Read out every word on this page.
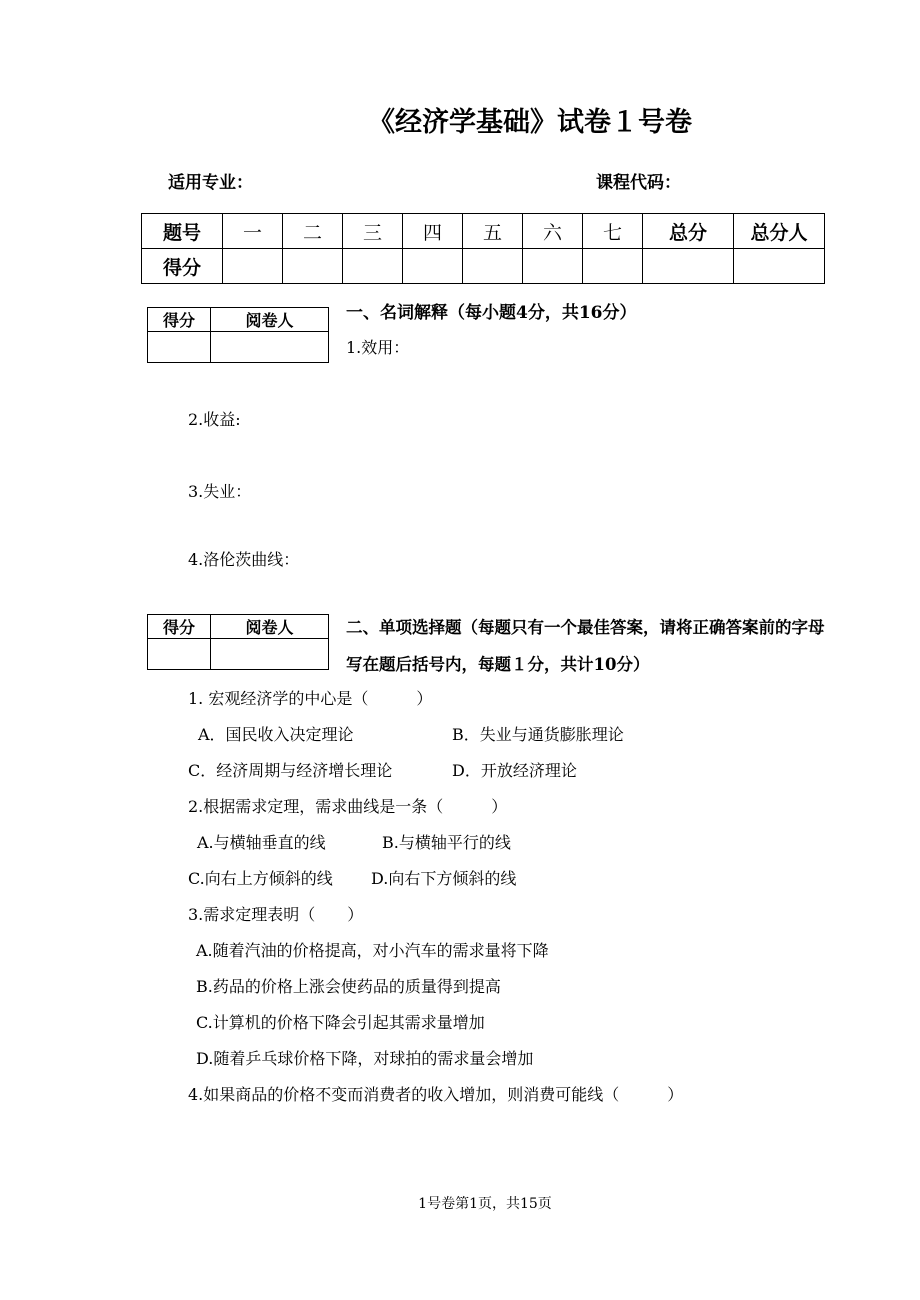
《经济学基础》试卷１号卷
适用专业：	课程代码：
题号	一	二	三	四	五	六	七	总分	总分人
得分									
得分	阅卷人
		一、名词解释（每小题4分，共16分）
1.效用：
2.收益:
3.失业：
4.洛伦茨曲线：
得分	阅卷人
		二、单项选择题（每题只有一个最佳答案，请将正确答案前的字母
写在题后括号内，每题１分，共计10分）
1. 宏观经济学的中心是（　　　）
A．国民收入决定理论	B．失业与通货膨胀理论
C．经济周期与经济增长理论	D．开放经济理论
2.根据需求定理，需求曲线是一条（　　　）
A.与横轴垂直的线	B.与横轴平行的线
C.向右上方倾斜的线 D.向右下方倾斜的线
3.需求定理表明（　　）
A.随着汽油的价格提高，对小汽车的需求量将下降
B.药品的价格上涨会使药品的质量得到提高
C.计算机的价格下降会引起其需求量增加
D.随着乒乓球价格下降，对球拍的需求量会增加
4.如果商品的价格不变而消费者的收入增加，则消费可能线（　　　）
1号卷第1页，共15页
